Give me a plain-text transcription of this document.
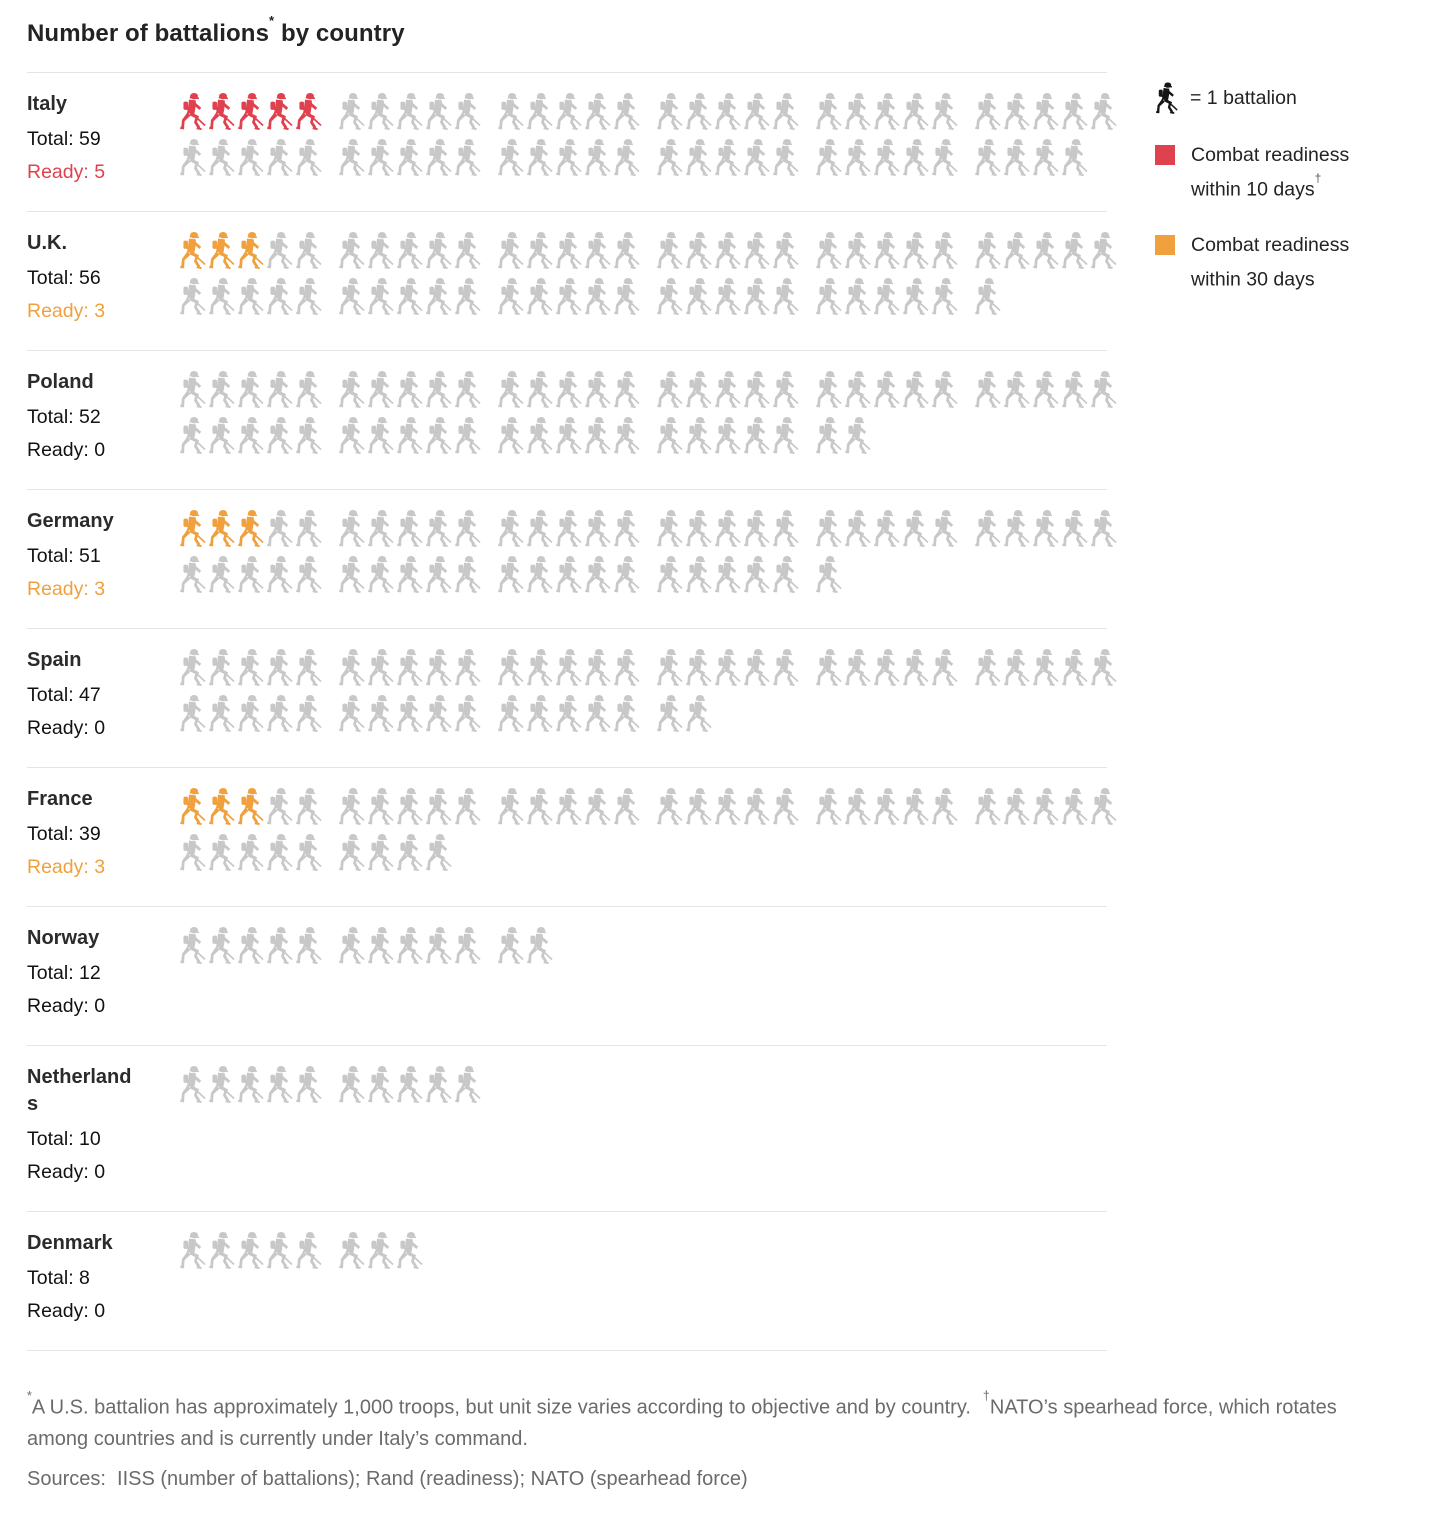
Number of battalions* by country
Italy
Total: 59
Ready: 5
U.K.
Total: 56
Ready: 3
Poland
Total: 52
Ready: 0
Germany
Total: 51
Ready: 3
Spain
Total: 47
Ready: 0
France
Total: 39
Ready: 3
Norway
Total: 12
Ready: 0
Netherlands
Total: 10
Ready: 0
Denmark
Total: 8
Ready: 0
= 1 battalion
Combat readiness
within 10 days†
Combat readiness
within 30 days
*A U.S. battalion has approximately 1,000 troops, but unit size varies according to objective and by country.†NATO’s spearhead force, which rotates among countries and is currently under Italy’s command.
Sources:  IISS (number of battalions); Rand (readiness); NATO (spearhead force)
